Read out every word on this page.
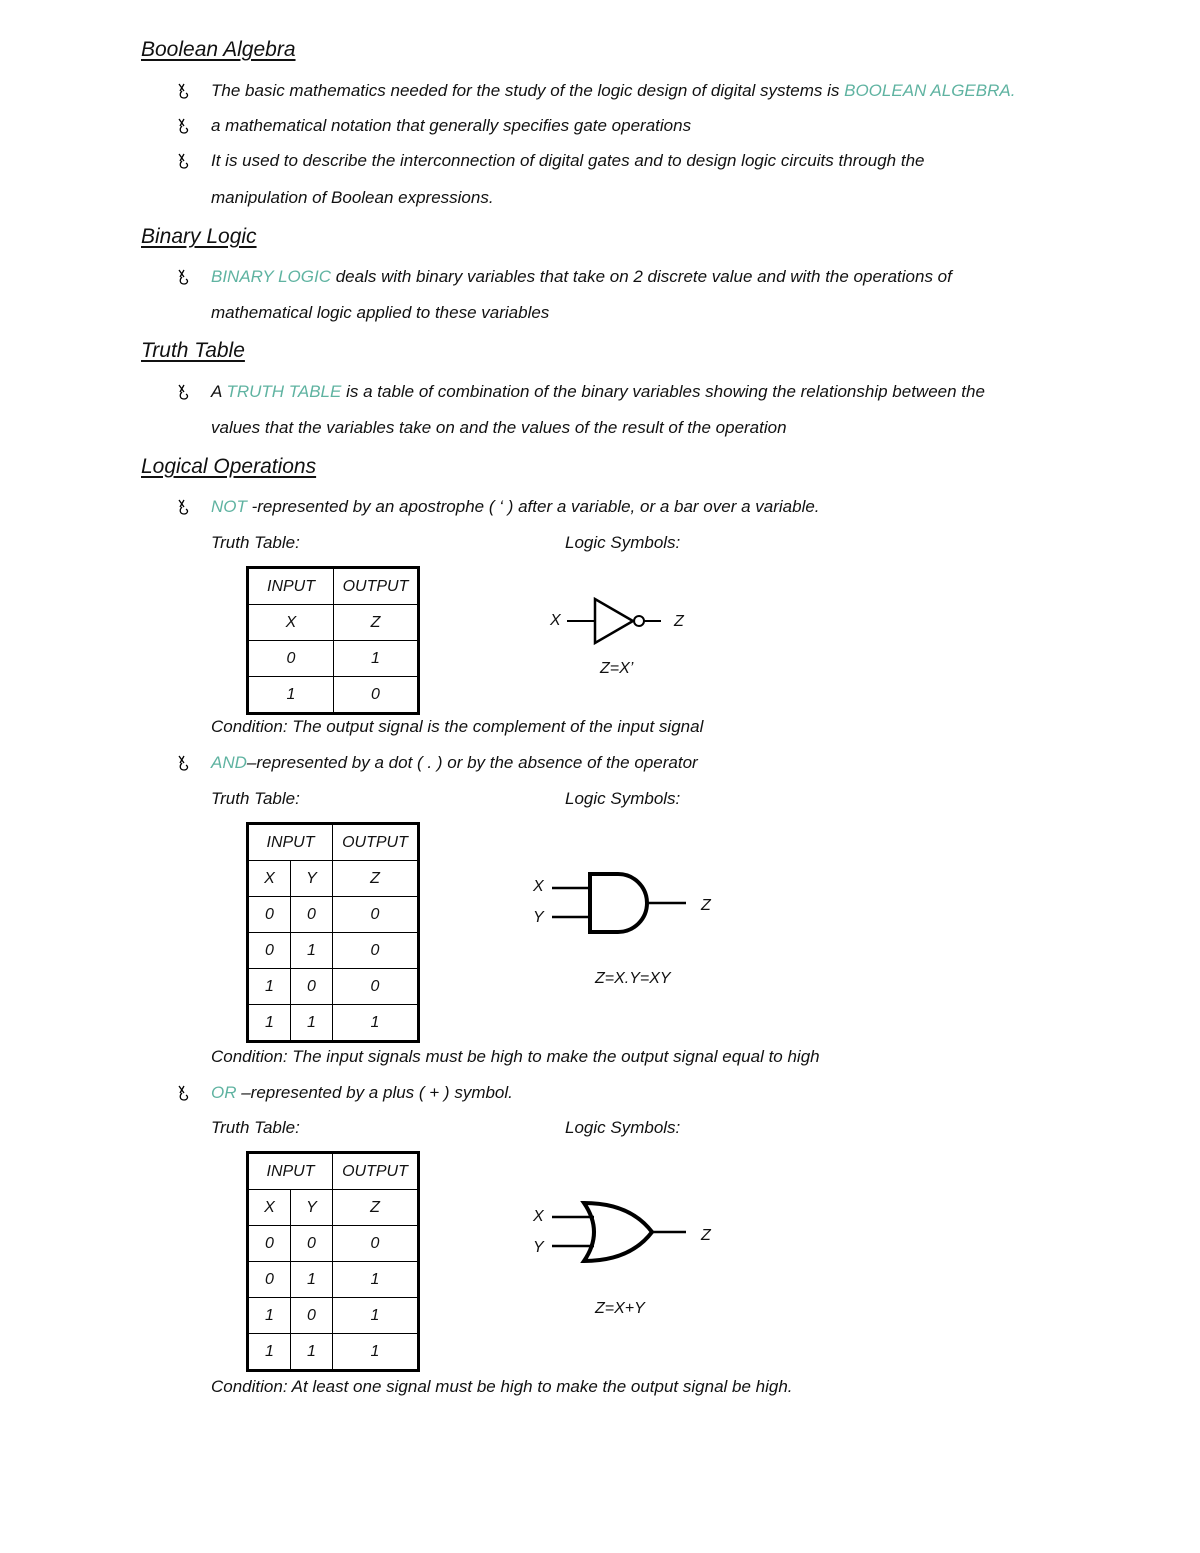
Boolean Algebra
The basic mathematics needed for the study of the logic design of digital systems is BOOLEAN ALGEBRA.
a mathematical notation that generally specifies gate operations
It is used to describe the interconnection of digital gates and to design logic circuits through the
manipulation of Boolean expressions.
Binary Logic
BINARY LOGIC deals with binary variables that take on 2 discrete value and with the operations of
mathematical logic applied to these variables
Truth Table
A TRUTH TABLE is a table of combination of the binary variables showing the relationship between the
values that the variables take on and the values of the result of the operation
Logical Operations
NOT -represented by an apostrophe ( ‘ ) after a variable, or a bar over a variable.
Truth Table:	Logic Symbols:
INPUT	OUTPUT
X	Z
0	1
1	0
X	Z
Z=X’
Condition: The output signal is the complement of the input signal
AND–represented by a dot ( . ) or by the absence of the operator
Truth Table:	Logic Symbols:
INPUT		OUTPUT
X	Y	Z
0	0	0
0	1	0
1	0	0
1	1	1
X
Y
Z
Z=X.Y=XY
Condition: The input signals must be high to make the output signal equal to high
OR –represented by a plus ( + ) symbol.
Truth Table:	Logic Symbols:
INPUT		OUTPUT
X	Y	Z
0	0	0
0	1	1
1	0	1
1	1	1
X
Y
Z
Z=X+Y
Condition: At least one signal must be high to make the output signal be high.
